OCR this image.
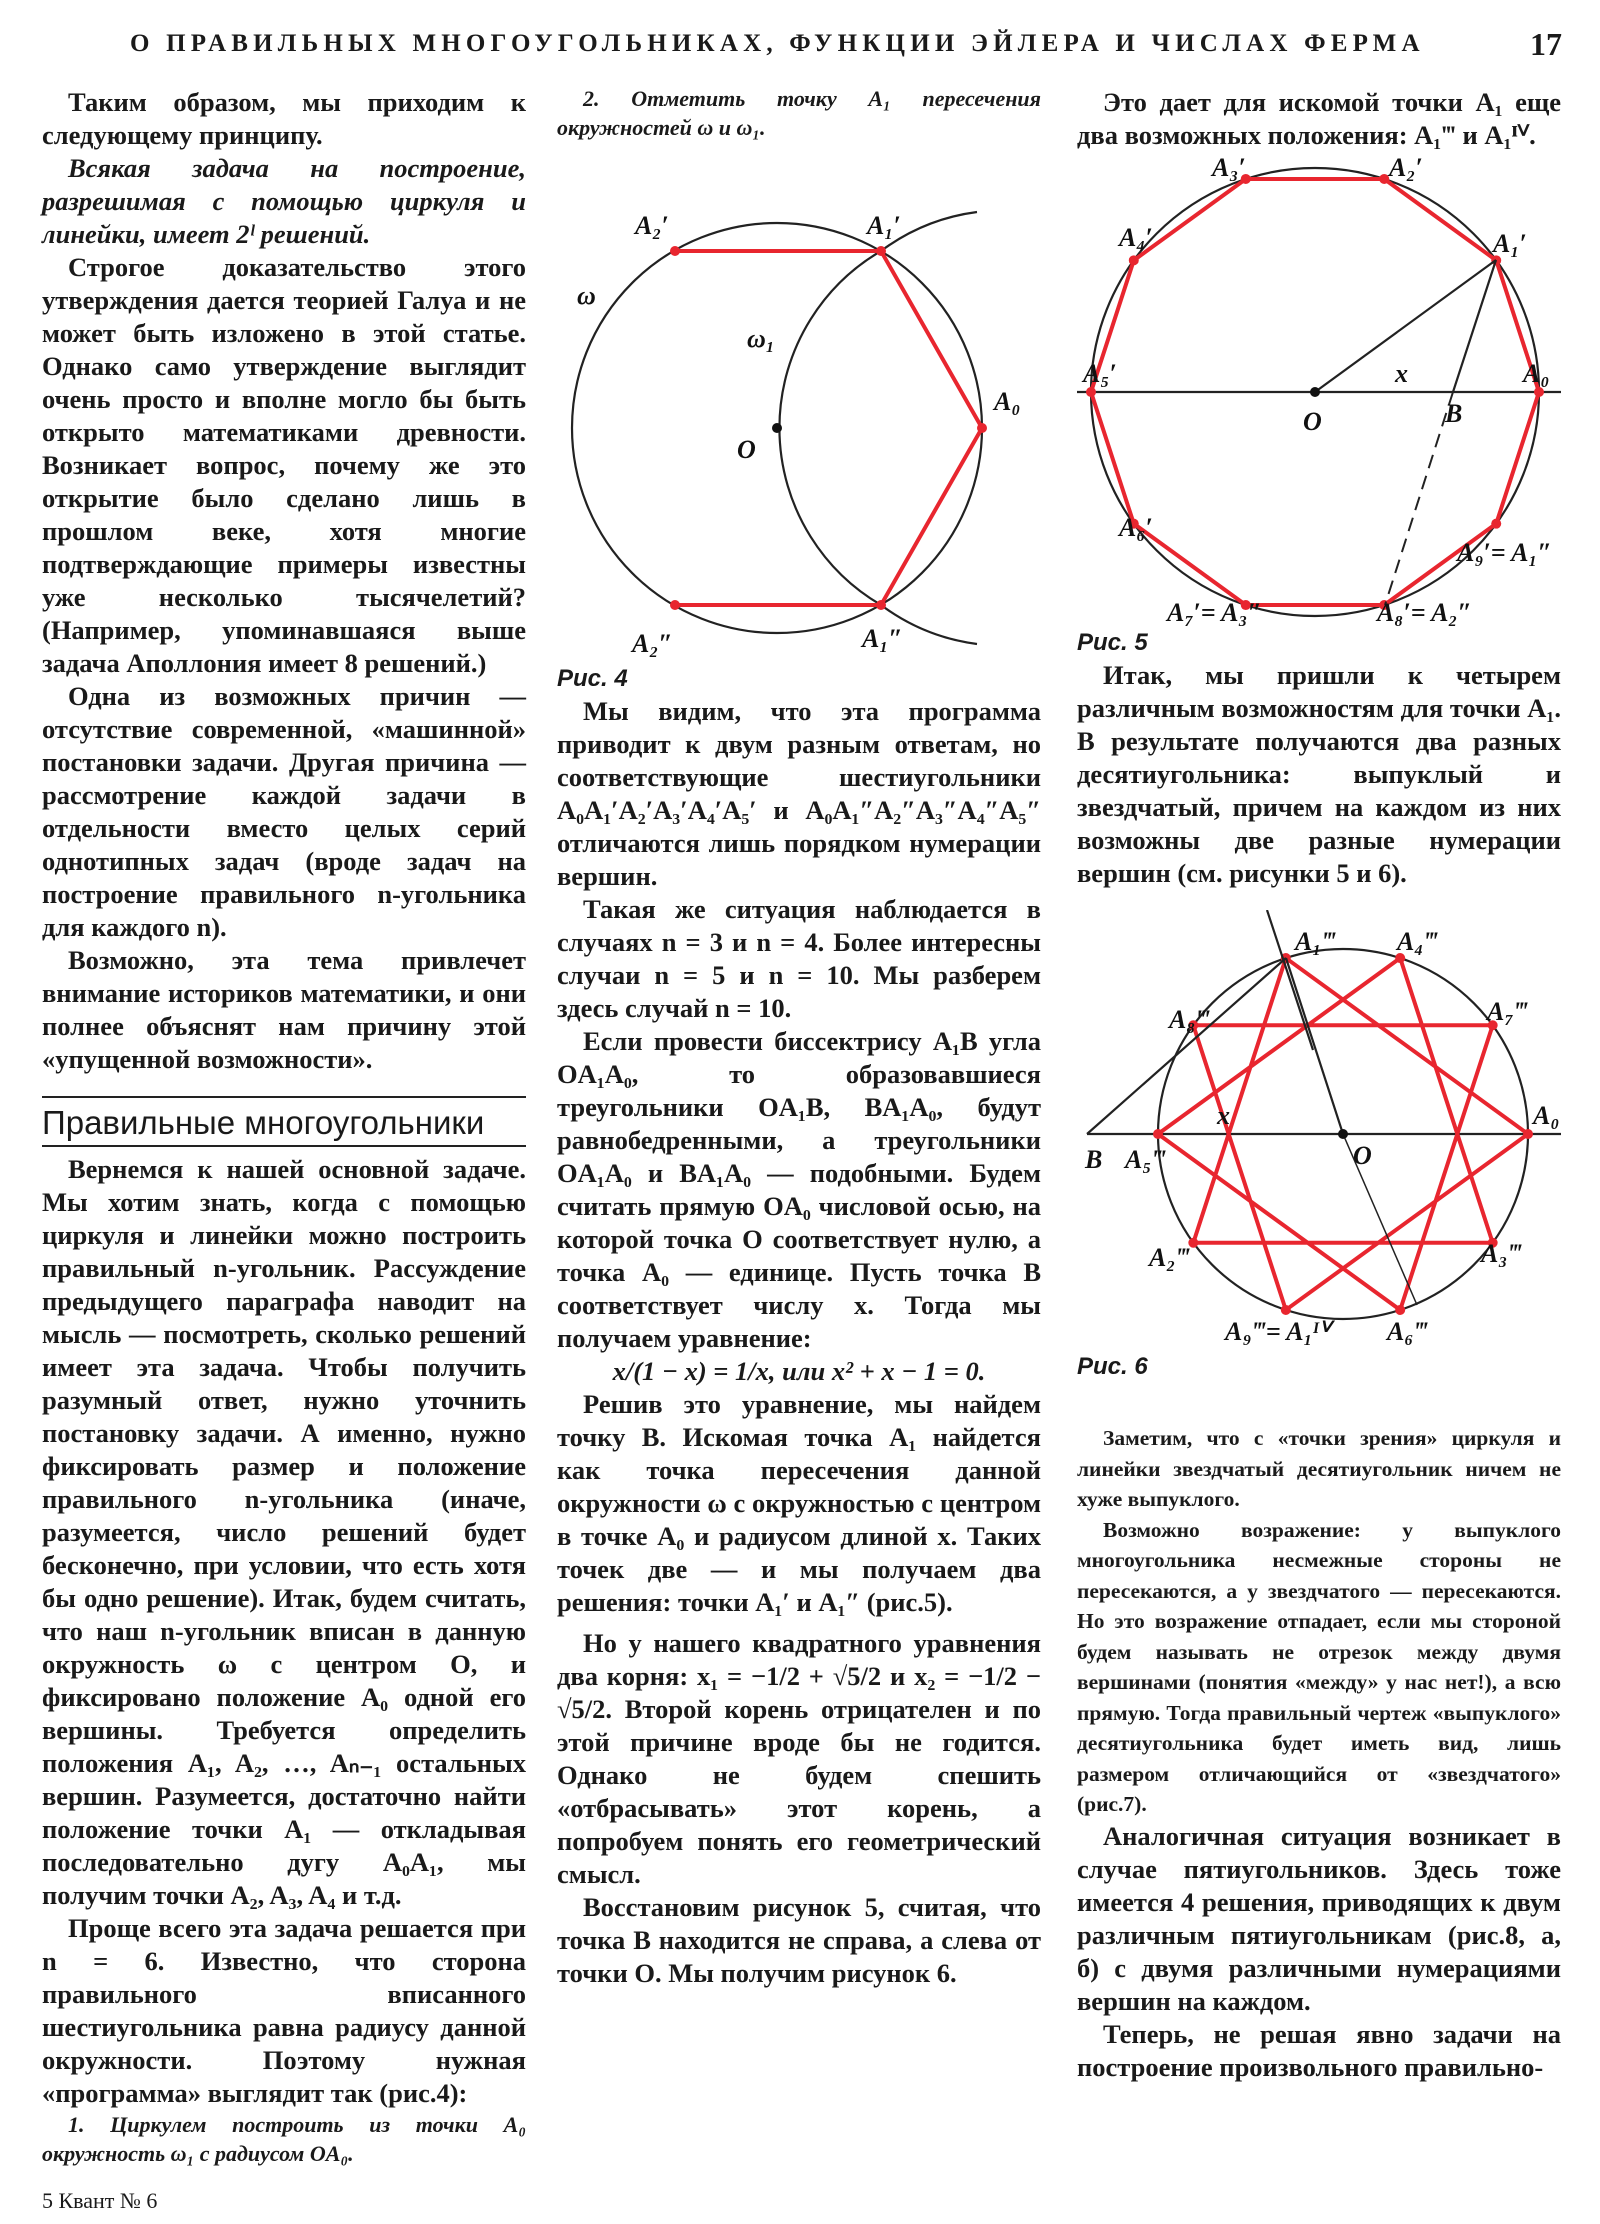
О ПРАВИЛЬНЫХ МНОГОУГОЛЬНИКАХ, ФУНКЦИИ ЭЙЛЕРА И ЧИСЛАХ ФЕРМА	17

Таким образом, мы приходим к следующему принципу.

Всякая задача на построение, разрешимая с помощью циркуля и линейки, имеет 2ˡ решений.

Строгое доказательство этого утверждения дается теорией Галуа и не может быть изложено в этой статье. Однако само утверждение выглядит очень просто и вполне могло бы быть открыто математиками древности. Возникает вопрос, почему же это открытие было сделано лишь в прошлом веке, хотя многие подтверждающие примеры известны уже несколько тысячелетий? (Например, упоминавшаяся выше задача Аполлония имеет 8 решений.)

Одна из возможных причин — отсутствие современной, «машинной» постановки задачи. Другая причина — рассмотрение каждой задачи в отдельности вместо целых серий однотипных задач (вроде задач на построение правильного n-угольника для каждого n).

Возможно, эта тема привлечет внимание историков математики, и они полнее объяснят нам причину этой «упущенной возможности».

Правильные многоугольники

Вернемся к нашей основной задаче. Мы хотим знать, когда с помощью циркуля и линейки можно построить правильный n-угольник. Рассуждение предыдущего параграфа наводит на мысль — посмотреть, сколько решений имеет эта задача. Чтобы получить разумный ответ, нужно уточнить постановку задачи. А именно, нужно фиксировать размер и положение правильного n-угольника (иначе, разумеется, число решений будет бесконечно, при условии, что есть хотя бы одно решение). Итак, будем считать, что наш n-угольник вписан в данную окружность ω с центром O, и фиксировано положение A₀ одной его вершины. Требуется определить положения A₁, A₂, …, Aₙ₋₁ остальных вершин. Разумеется, достаточно найти положение точки A₁ — откладывая последовательно дугу A₀A₁, мы получим точки A₂, A₃, A₄ и т.д.

Проще всего эта задача решается при n = 6. Известно, что сторона правильного вписанного шестиугольника равна радиусу данной окружности. Поэтому нужная «программа» выглядит так (рис.4):

1. Циркулем построить из точки A₀ окружность ω₁ с радиусом OA₀.

2. Отметить точку A₁ пересечения окружностей ω и ω₁.

A₂′	A₁′
ω
ω₁
A₀
O
A₂″	A₁″

Рис. 4

Мы видим, что эта программа приводит к двум разным ответам, но соответствующие шестиугольники A₀A₁′A₂′A₃′A₄′A₅′ и A₀A₁″A₂″A₃″A₄″A₅″ отличаются лишь порядком нумерации вершин.

Такая же ситуация наблюдается в случаях n = 3 и n = 4. Более интересны случаи n = 5 и n = 10. Мы разберем здесь случай n = 10.

Если провести биссектрису A₁B угла OA₁A₀, то образовавшиеся треугольники OA₁B, BA₁A₀, будут равнобедренными, а треугольники OA₁A₀ и BA₁A₀ — подобными. Будем считать прямую OA₀ числовой осью, на которой точка O соответствует нулю, а точка A₀ — единице. Пусть точка B соответствует числу x. Тогда мы получаем уравнение:

x/(1 − x) = 1/x, или x² + x − 1 = 0.

Решив это уравнение, мы найдем точку B. Искомая точка A₁ найдется как точка пересечения данной окружности ω с окружностью с центром в точке A₀ и радиусом длиной x. Таких точек две — и мы получаем два решения: точки A₁′ и A₁″ (рис.5).

Но у нашего квадратного уравнения два корня: x₁ = −1/2 + √5/2 и x₂ = −1/2 − √5/2. Второй корень отрицателен и по этой причине вроде бы не годится. Однако не будем спешить «отбрасывать» этот корень, а попробуем понять его геометрический смысл.

Восстановим рисунок 5, считая, что точка B находится не справа, а слева от точки O. Мы получим рисунок 6.

Это дает для искомой точки A₁ еще два возможных положения: A₁‴ и A₁ᴵⱽ.

A₃′	A₂′
A₄′	A₁′
A₅′	A₀
O	B
x
A₆′
A₉′= A₁″
A₇′= A₃″	A₈′= A₂″

Рис. 5

Итак, мы пришли к четырем различным возможностям для точки A₁. В результате получаются два разных десятиугольника: выпуклый и звездчатый, причем на каждом из них возможны две разные нумерации вершин (см. рисунки 5 и 6).

A₁‴ A₄‴
A₈‴	A₇‴
x
B A₅‴	O
A₀
A₂‴	A₃‴
A₉‴= A₁ᴵⱽ A₆‴

Рис. 6

Заметим, что с «точки зрения» циркуля и линейки звездчатый десятиугольник ничем не хуже выпуклого.

Возможно возражение: у выпуклого многоугольника несмежные стороны не пересекаются, а у звездчатого — пересекаются. Но это возражение отпадает, если мы стороной будем называть не отрезок между двумя вершинами (понятия «между» у нас нет!), а всю прямую. Тогда правильный чертеж «выпуклого» десятиугольника будет иметь вид, лишь размером отличающийся от «звездчатого» (рис.7).

Аналогичная ситуация возникает в случае пятиугольников. Здесь тоже имеется 4 решения, приводящих к двум различным пятиугольникам (рис.8, а, б) с двумя различными нумерациями вершин на каждом.

Теперь, не решая явно задачи на построение произвольного правильно-

5 Квант № 6
